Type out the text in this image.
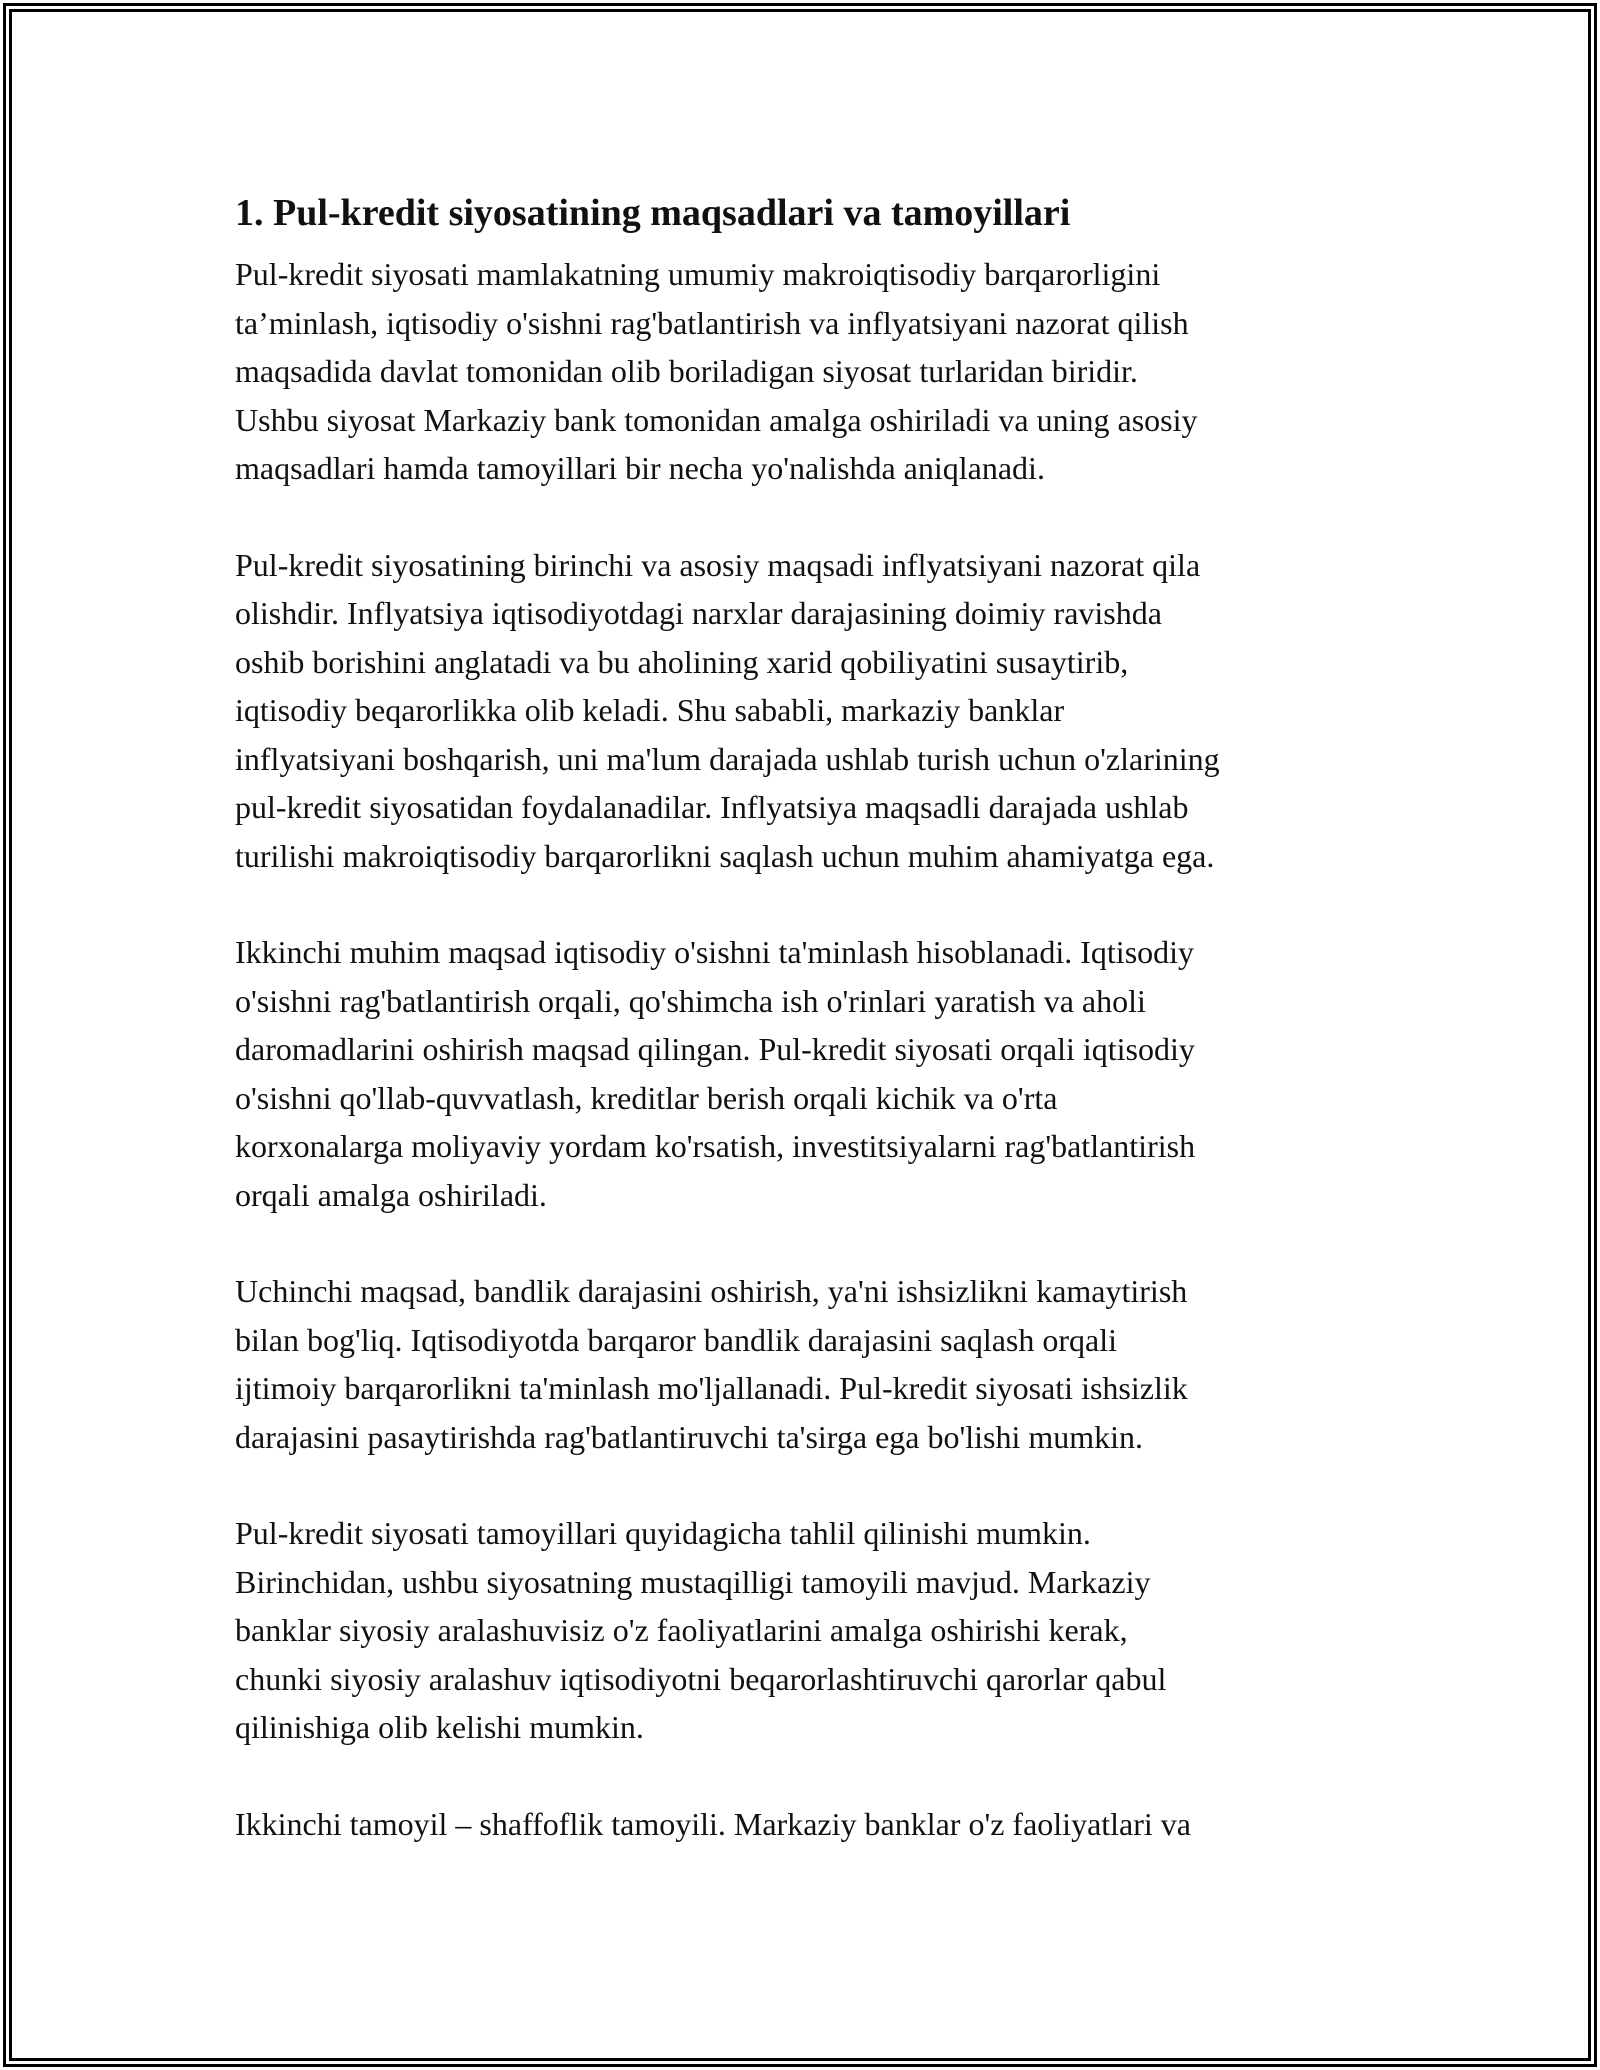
1. Pul-kredit siyosatining maqsadlari va tamoyillari

Pul-kredit siyosati mamlakatning umumiy makroiqtisodiy barqarorligini
ta’minlash, iqtisodiy o'sishni rag'batlantirish va inflyatsiyani nazorat qilish
maqsadida davlat tomonidan olib boriladigan siyosat turlaridan biridir.
Ushbu siyosat Markaziy bank tomonidan amalga oshiriladi va uning asosiy
maqsadlari hamda tamoyillari bir necha yo'nalishda aniqlanadi.

Pul-kredit siyosatining birinchi va asosiy maqsadi inflyatsiyani nazorat qila
olishdir. Inflyatsiya iqtisodiyotdagi narxlar darajasining doimiy ravishda
oshib borishini anglatadi va bu aholining xarid qobiliyatini susaytirib,
iqtisodiy beqarorlikka olib keladi. Shu sababli, markaziy banklar
inflyatsiyani boshqarish, uni ma'lum darajada ushlab turish uchun o'zlarining
pul-kredit siyosatidan foydalanadilar. Inflyatsiya maqsadli darajada ushlab
turilishi makroiqtisodiy barqarorlikni saqlash uchun muhim ahamiyatga ega.

Ikkinchi muhim maqsad iqtisodiy o'sishni ta'minlash hisoblanadi. Iqtisodiy
o'sishni rag'batlantirish orqali, qo'shimcha ish o'rinlari yaratish va aholi
daromadlarini oshirish maqsad qilingan. Pul-kredit siyosati orqali iqtisodiy
o'sishni qo'llab-quvvatlash, kreditlar berish orqali kichik va o'rta
korxonalarga moliyaviy yordam ko'rsatish, investitsiyalarni rag'batlantirish
orqali amalga oshiriladi.

Uchinchi maqsad, bandlik darajasini oshirish, ya'ni ishsizlikni kamaytirish
bilan bog'liq. Iqtisodiyotda barqaror bandlik darajasini saqlash orqali
ijtimoiy barqarorlikni ta'minlash mo'ljallanadi. Pul-kredit siyosati ishsizlik
darajasini pasaytirishda rag'batlantiruvchi ta'sirga ega bo'lishi mumkin.

Pul-kredit siyosati tamoyillari quyidagicha tahlil qilinishi mumkin.
Birinchidan, ushbu siyosatning mustaqilligi tamoyili mavjud. Markaziy
banklar siyosiy aralashuvisiz o'z faoliyatlarini amalga oshirishi kerak,
chunki siyosiy aralashuv iqtisodiyotni beqarorlashtiruvchi qarorlar qabul
qilinishiga olib kelishi mumkin.

Ikkinchi tamoyil – shaffoflik tamoyili. Markaziy banklar o'z faoliyatlari va
